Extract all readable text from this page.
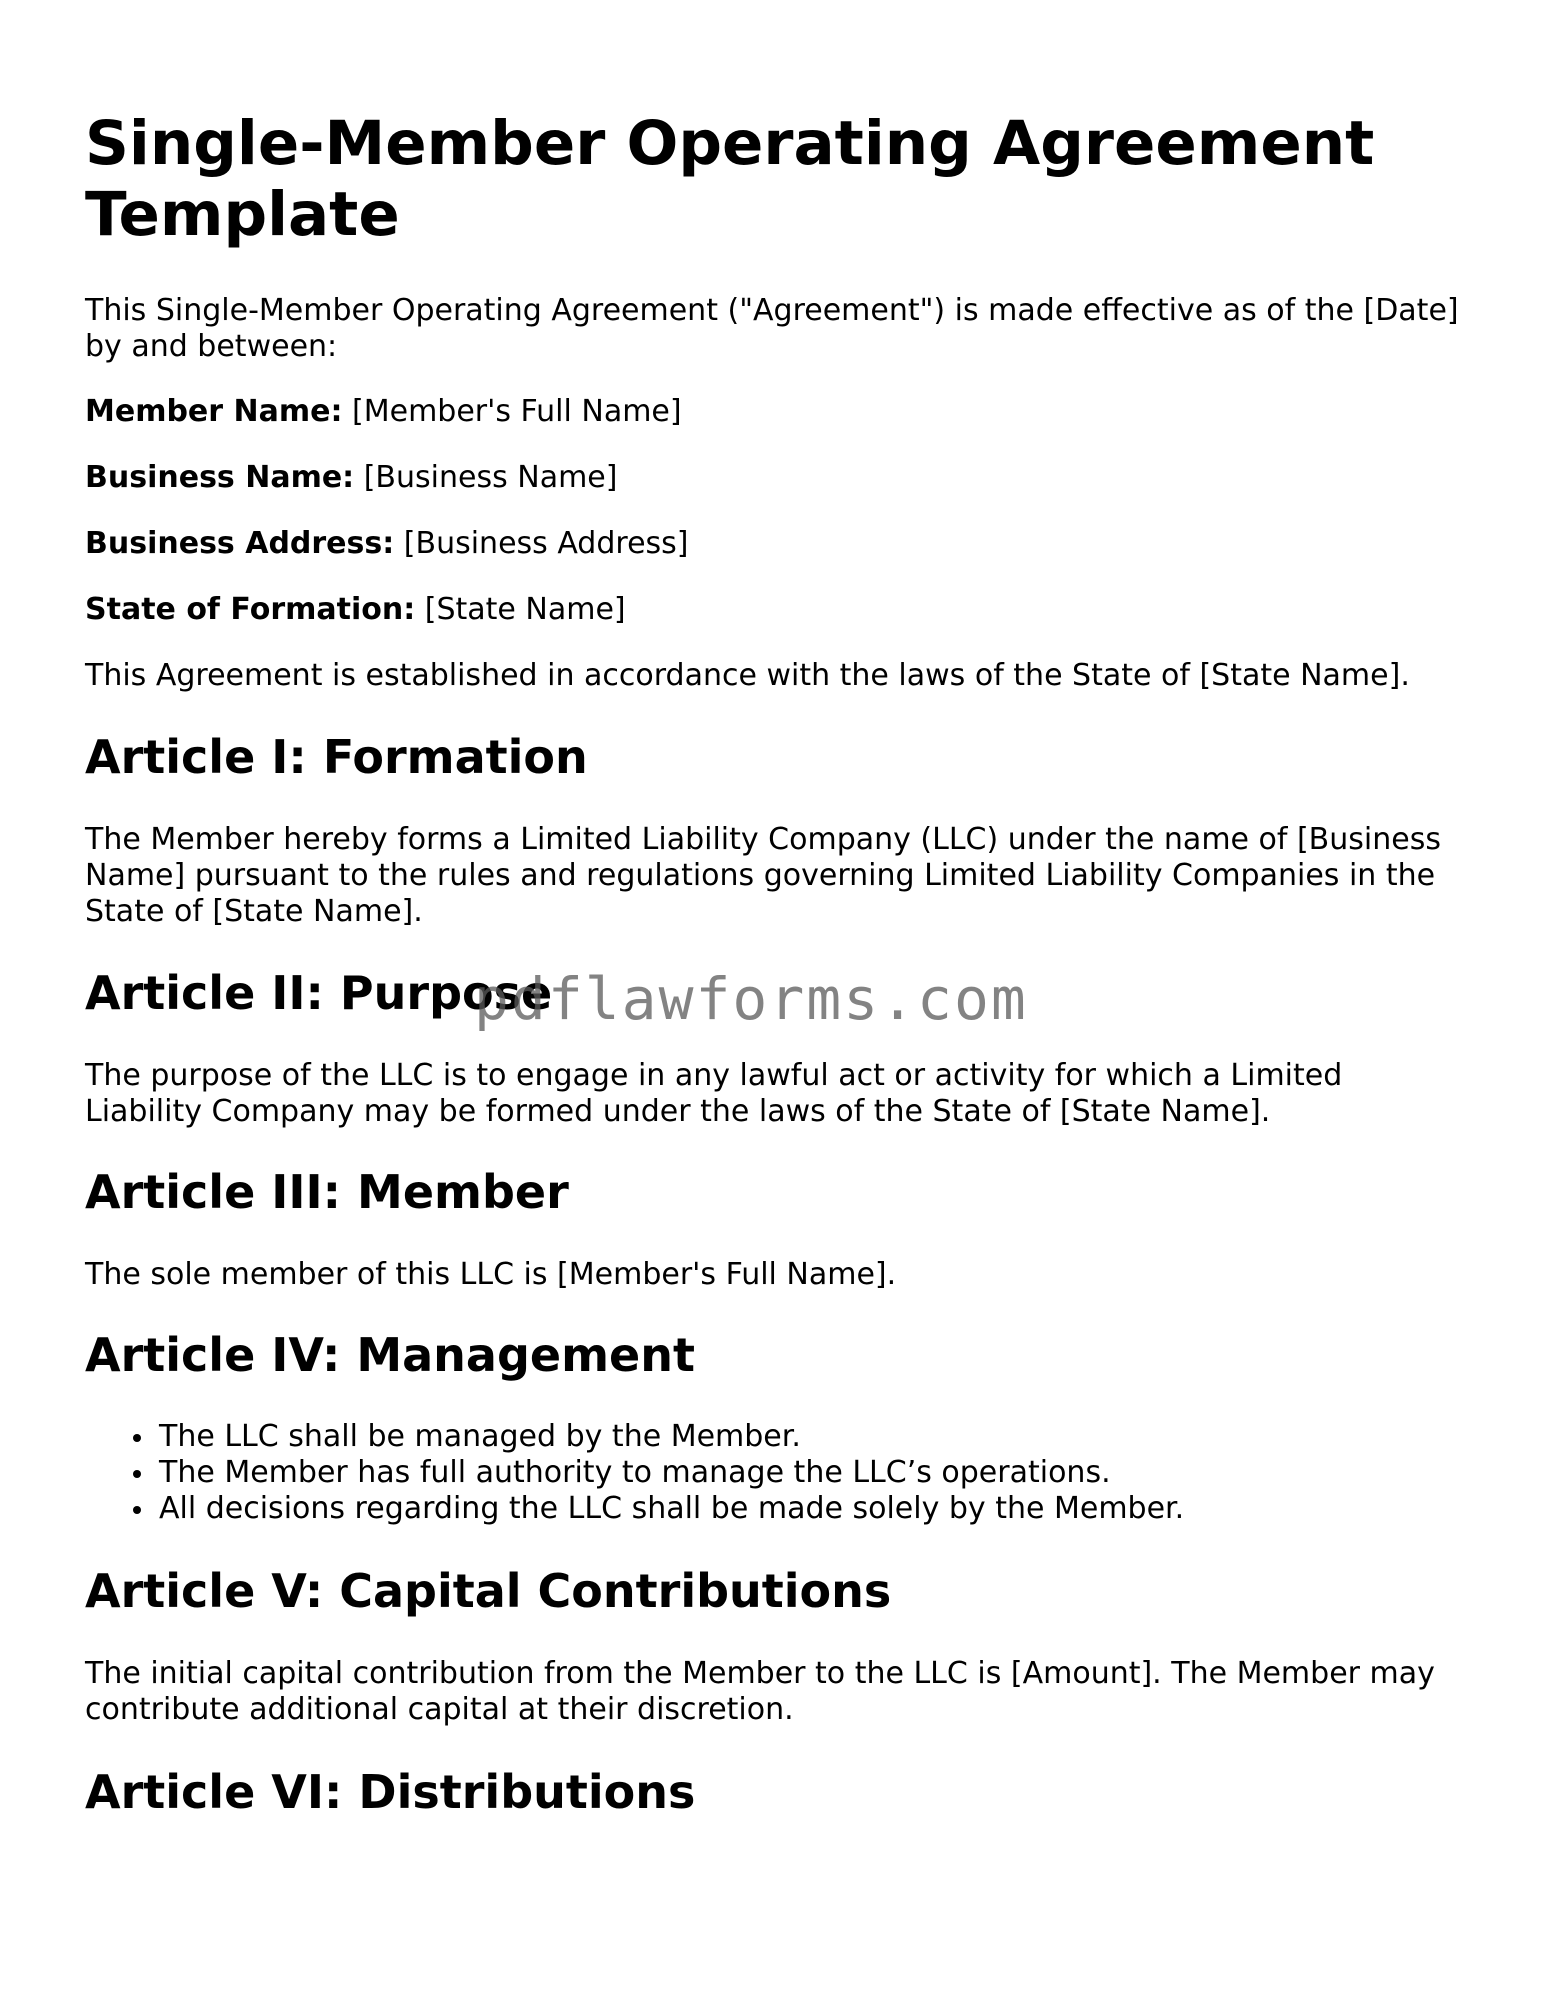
Single-Member Operating Agreement Template

This Single-Member Operating Agreement ("Agreement") is made effective as of the [Date] by and between:

Member Name: [Member's Full Name]

Business Name: [Business Name]

Business Address: [Business Address]

State of Formation: [State Name]

This Agreement is established in accordance with the laws of the State of [State Name].

Article I: Formation

The Member hereby forms a Limited Liability Company (LLC) under the name of [Business Name] pursuant to the rules and regulations governing Limited Liability Companies in the State of [State Name].

Article II: Purpose

The purpose of the LLC is to engage in any lawful act or activity for which a Limited Liability Company may be formed under the laws of the State of [State Name].

Article III: Member

The sole member of this LLC is [Member's Full Name].

Article IV: Management
The LLC shall be managed by the Member.
The Member has full authority to manage the LLC’s operations.
All decisions regarding the LLC shall be made solely by the Member.
Article V: Capital Contributions

The initial capital contribution from the Member to the LLC is [Amount]. The Member may contribute additional capital at their discretion.

Article VI: Distributions
pdflawforms.com
